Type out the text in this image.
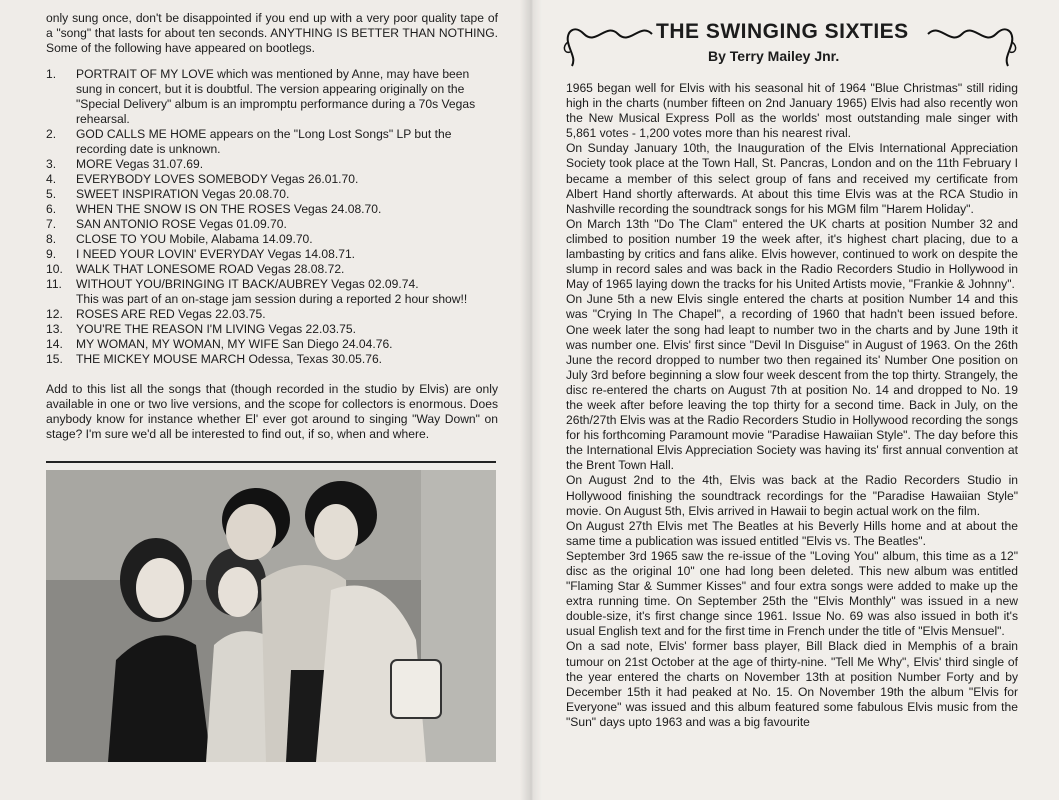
only sung once, don't be disappointed if you end up with a very poor quality tape of a "song" that lasts for about ten seconds. ANYTHING IS BETTER THAN NOTHING. Some of the following have appeared on bootlegs.
1. PORTRAIT OF MY LOVE which was mentioned by Anne, may have been sung in concert, but it is doubtful. The version appearing originally on the "Special Delivery" album is an impromptu performance during a 70s Vegas rehearsal.
2. GOD CALLS ME HOME appears on the "Long Lost Songs" LP but the recording date is unknown.
3. MORE Vegas 31.07.69.
4. EVERYBODY LOVES SOMEBODY Vegas 26.01.70.
5. SWEET INSPIRATION Vegas 20.08.70.
6. WHEN THE SNOW IS ON THE ROSES Vegas 24.08.70.
7. SAN ANTONIO ROSE Vegas 01.09.70.
8. CLOSE TO YOU Mobile, Alabama 14.09.70.
9. I NEED YOUR LOVIN' EVERYDAY Vegas 14.08.71.
10. WALK THAT LONESOME ROAD Vegas 28.08.72.
11. WITHOUT YOU/BRINGING IT BACK/AUBREY Vegas 02.09.74.
This was part of an on-stage jam session during a reported 2 hour show!!
12. ROSES ARE RED Vegas 22.03.75.
13. YOU'RE THE REASON I'M LIVING Vegas 22.03.75.
14. MY WOMAN, MY WOMAN, MY WIFE San Diego 24.04.76.
15. THE MICKEY MOUSE MARCH Odessa, Texas 30.05.76.
Add to this list all the songs that (though recorded in the studio by Elvis) are only available in one or two live versions, and the scope for collectors is enormous. Does anybody know for instance whether El' ever got around to singing "Way Down" on stage? I'm sure we'd all be interested to find out, if so, when and where.
THE SWINGING SIXTIES
By Terry Mailey Jnr.

1965 began well for Elvis with his seasonal hit of 1964 "Blue Christmas" still riding high in the charts (number fifteen on 2nd January 1965) Elvis had also recently won the New Musical Express Poll as the worlds' most outstanding male singer with 5,861 votes - 1,200 votes more than his nearest rival.

On Sunday January 10th, the Inauguration of the Elvis International Appreciation Society took place at the Town Hall, St. Pancras, London and on the 11th February I became a member of this select group of fans and received my certificate from Albert Hand shortly afterwards. At about this time Elvis was at the RCA Studio in Nashville recording the soundtrack songs for his MGM film "Harem Holiday".

On March 13th "Do The Clam" entered the UK charts at position Number 32 and climbed to position number 19 the week after, it's highest chart placing, due to a lambasting by critics and fans alike. Elvis however, continued to work on despite the slump in record sales and was back in the Radio Recorders Studio in Hollywood in May of 1965 laying down the tracks for his United Artists movie, "Frankie & Johnny".

On June 5th a new Elvis single entered the charts at position Number 14 and this was "Crying In The Chapel", a recording of 1960 that hadn't been issued before. One week later the song had leapt to number two in the charts and by June 19th it was number one. Elvis' first since "Devil In Disguise" in August of 1963. On the 26th June the record dropped to number two then regained its' Number One position on July 3rd before beginning a slow four week descent from the top thirty. Strangely, the disc re-entered the charts on August 7th at position No. 14 and dropped to No. 19 the week after before leaving the top thirty for a second time. Back in July, on the 26th/27th Elvis was at the Radio Recorders Studio in Hollywood recording the songs for his forthcoming Paramount movie "Paradise Hawaiian Style". The day before this the International Elvis Appreciation Society was having its' first annual convention at the Brent Town Hall.

On August 2nd to the 4th, Elvis was back at the Radio Recorders Studio in Hollywood finishing the soundtrack recordings for the "Paradise Hawaiian Style" movie. On August 5th, Elvis arrived in Hawaii to begin actual work on the film.

On August 27th Elvis met The Beatles at his Beverly Hills home and at about the same time a publication was issued entitled "Elvis vs. The Beatles".

September 3rd 1965 saw the re-issue of the "Loving You" album, this time as a 12" disc as the original 10" one had long been deleted. This new album was entitled "Flaming Star & Summer Kisses" and four extra songs were added to make up the extra running time. On September 25th the "Elvis Monthly" was issued in a new double-size, it's first change since 1961. Issue No. 69 was also issued in both it's usual English text and for the first time in French under the title of "Elvis Mensuel".

On a sad note, Elvis' former bass player, Bill Black died in Memphis of a brain tumour on 21st October at the age of thirty-nine. "Tell Me Why", Elvis' third single of the year entered the charts on November 13th at position Number Forty and by December 15th it had peaked at No. 15. On November 19th the album "Elvis for Everyone" was issued and this album featured some fabulous Elvis music from the "Sun" days upto 1963 and was a big favourite
